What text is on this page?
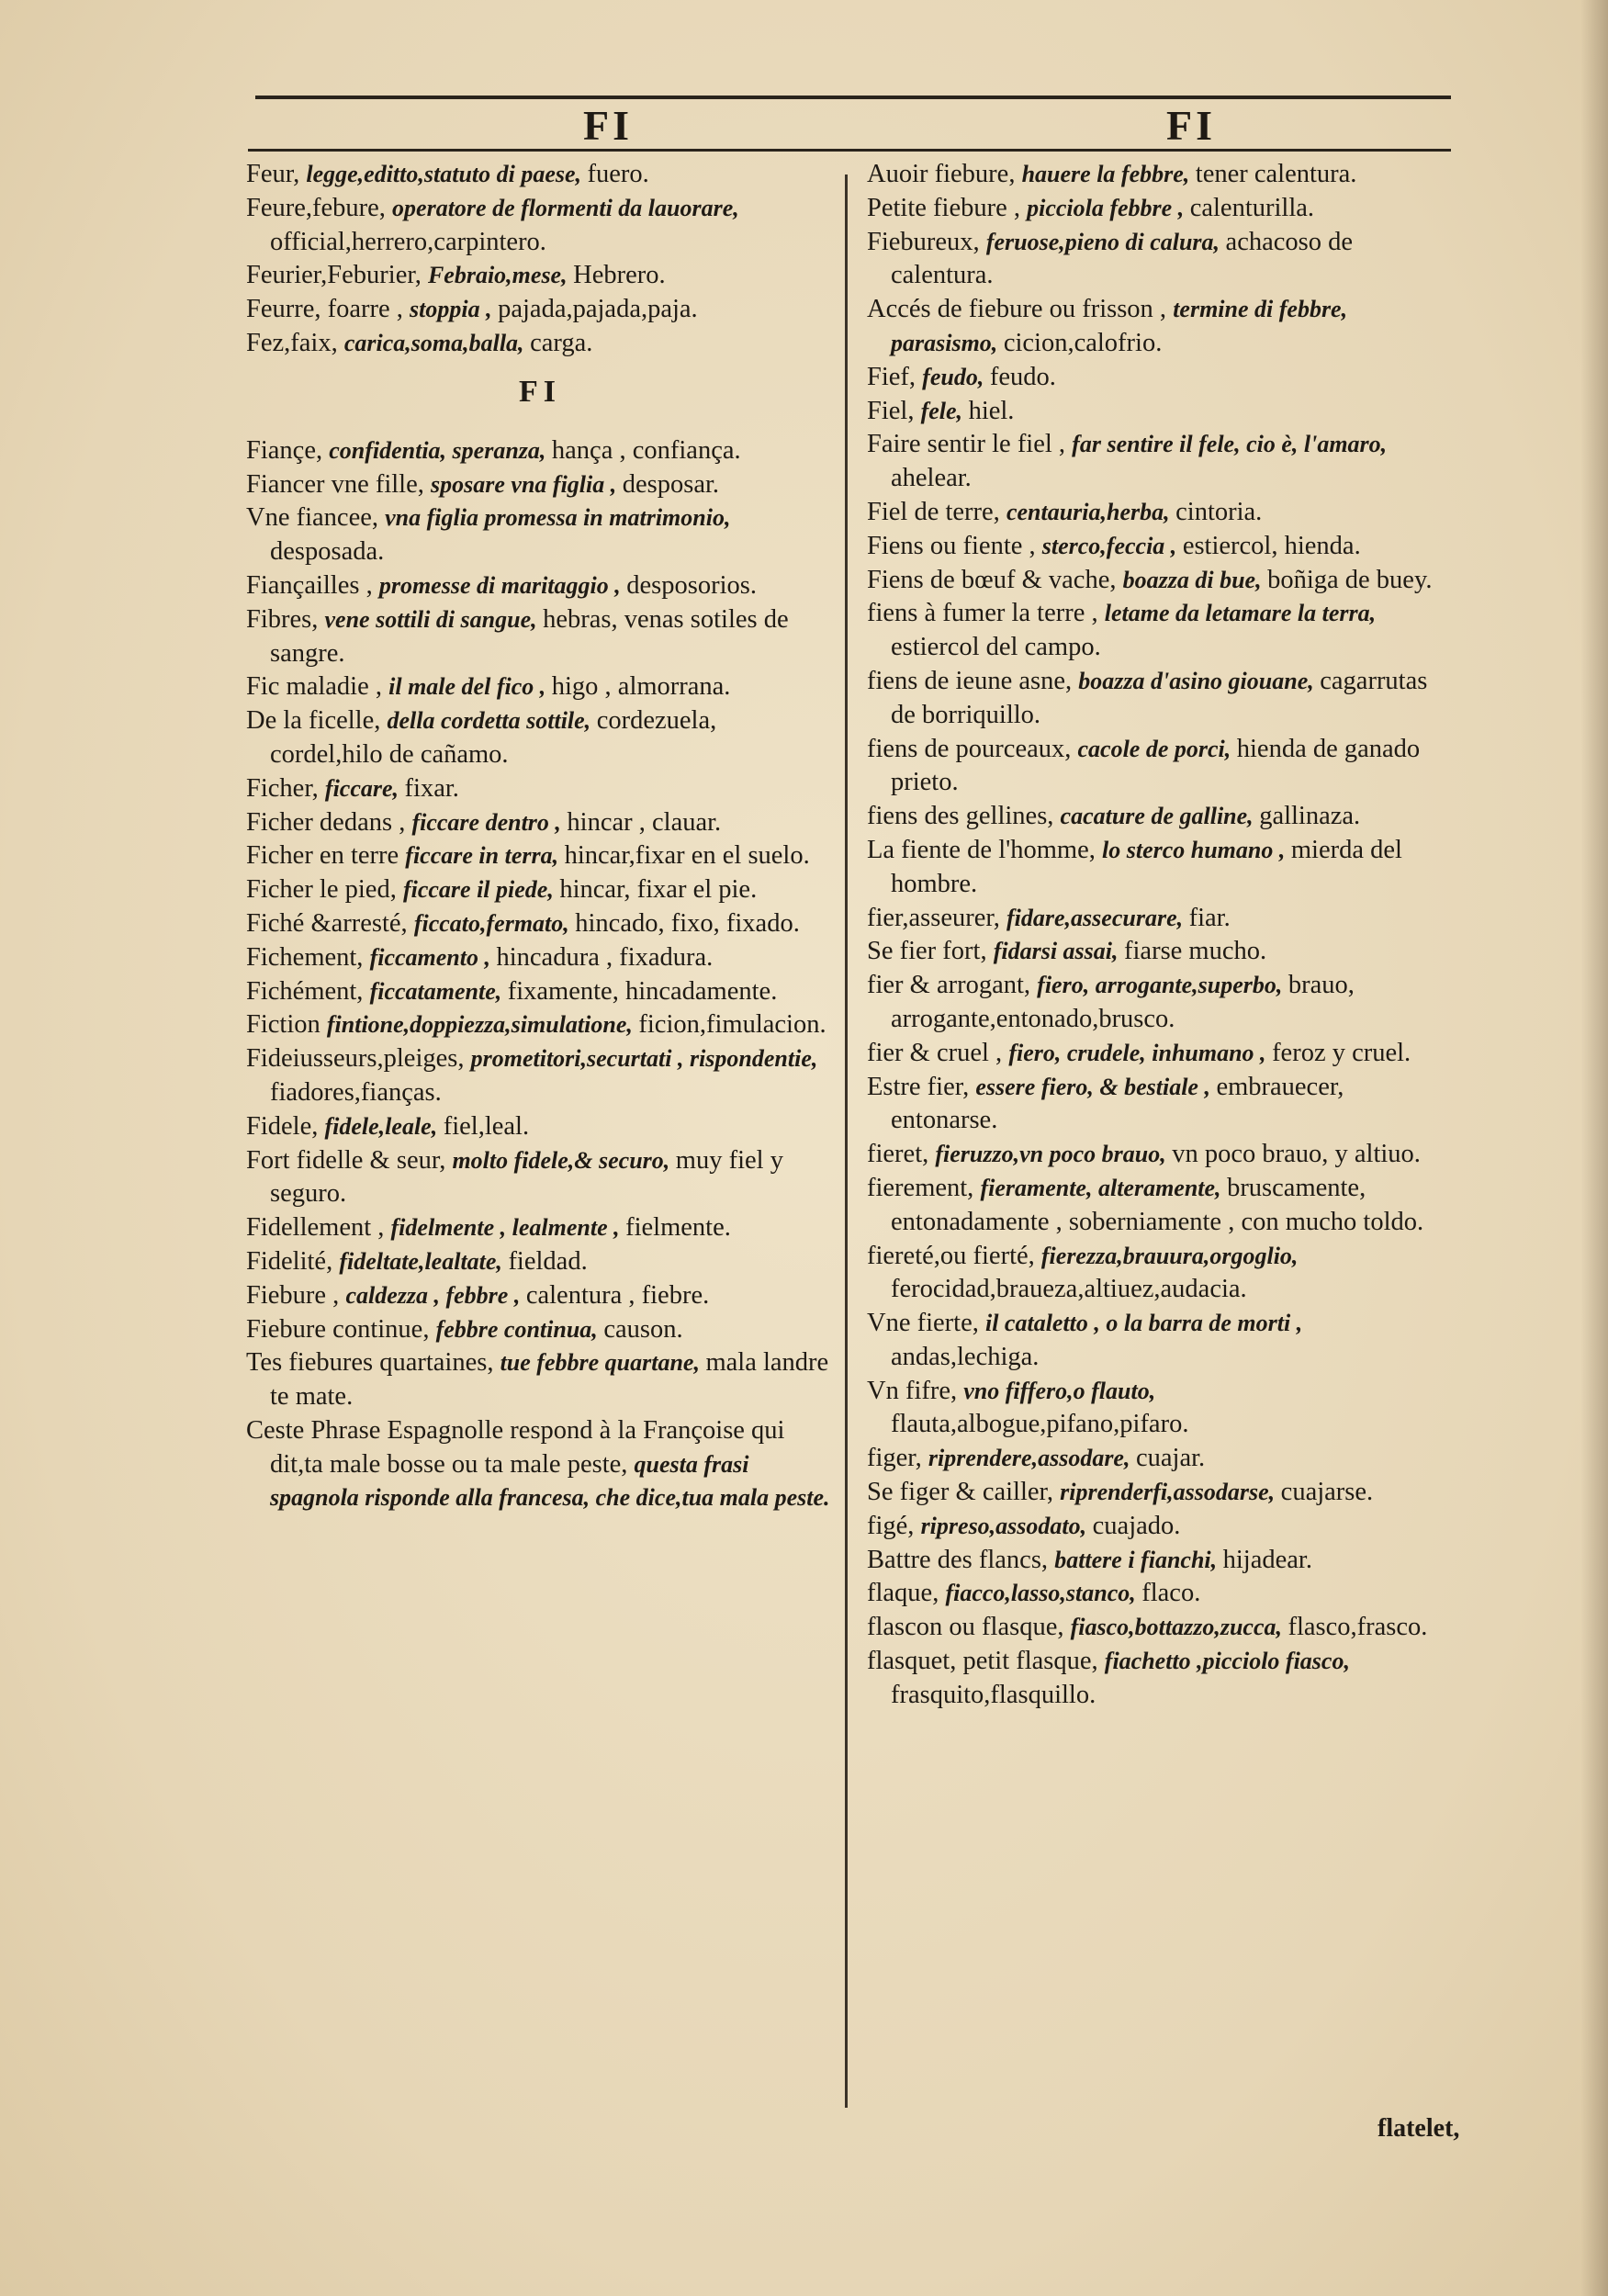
FI	FI

Feur, legge,editto,statuto di paese, fuero.

Feure,febure, operatore de flormenti da lauorare, official,herrero,carpintero.

Feurier,Feburier, Febraio,mese, Hebrero.

Feurre, foarre , stoppia , pajada,pajada,paja.

Fez,faix, carica,soma,balla, carga.

FI

Fiançe, confidentia, speranza, hança , confiança.

Fiancer vne fille, sposare vna figlia , desposar.

Vne fiancee, vna figlia promessa in matrimonio, desposada.

Fiançailles , promesse di maritaggio , desposorios.

Fibres, vene sottili di sangue, hebras, venas sotiles de sangre.

Fic maladie , il male del fico , higo , almorrana.

De la ficelle, della cordetta sottile, cordezuela, cordel,hilo de cañamo.

Ficher, ficcare, fixar.

Ficher dedans , ficcare dentro , hincar , clauar.

Ficher en terre ficcare in terra, hincar,fixar en el suelo.

Ficher le pied, ficcare il piede, hincar, fixar el pie.

Fiché &arresté, ficcato,fermato, hincado, fixo, fixado.

Fichement, ficcamento , hincadura , fixadura.

Fichément, ficcatamente, fixamente, hincadamente.

Fiction fintione,doppiezza,simulatione, ficion,fimulacion.

Fideiusseurs,pleiges, prometitori,securtati , rispondentie, fiadores,fianças.

Fidele, fidele,leale, fiel,leal.

Fort fidelle & seur, molto fidele,& securo, muy fiel y seguro.

Fidellement , fidelmente , lealmente , fielmente.

Fidelité, fideltate,lealtate, fieldad.

Fiebure , caldezza , febbre , calentura , fiebre.

Fiebure continue, febbre continua, causon.

Tes fiebures quartaines, tue febbre quartane, mala landre te mate.

Ceste Phrase Espagnolle respond à la Françoise qui dit,ta male bosse ou ta male peste, questa frasi spagnola risponde alla francesa, che dice,tua mala peste.

Auoir fiebure, hauere la febbre, tener calentura.

Petite fiebure , picciola febbre , calenturilla.

Fiebureux, feruose,pieno di calura, achacoso de calentura.

Accés de fiebure ou frisson , termine di febbre, parasismo, cicion,calofrio.

Fief, feudo, feudo.

Fiel, fele, hiel.

Faire sentir le fiel , far sentire il fele, cio è, l'amaro, ahelear.

Fiel de terre, centauria,herba, cintoria.

Fiens ou fiente , sterco,feccia , estiercol, hienda.

Fiens de bœuf & vache, boazza di bue, boñiga de buey.

fiens à fumer la terre , letame da letamare la terra, estiercol del campo.

fiens de ieune asne, boazza d'asino giouane, cagarrutas de borriquillo.

fiens de pourceaux, cacole de porci, hienda de ganado prieto.

fiens des gellines, cacature de galline, gallinaza.

La fiente de l'homme, lo sterco humano , mierda del hombre.

fier,asseurer, fidare,assecurare, fiar.

Se fier fort, fidarsi assai, fiarse mucho.

fier & arrogant, fiero, arrogante,superbo, brauo, arrogante,entonado,brusco.

fier & cruel , fiero, crudele, inhumano , feroz y cruel.

Estre fier, essere fiero, & bestiale , embrauecer, entonarse.

fieret, fieruzzo,vn poco brauo, vn poco brauo, y altiuo.

fierement, fieramente, alteramente, bruscamente, entonadamente , soberniamente , con mucho toldo.

fiereté,ou fierté, fierezza,brauura,orgoglio, ferocidad,braueza,altiuez,audacia.

Vne fierte, il cataletto , o la barra de morti , andas,lechiga.

Vn fifre, vno fiffero,o flauto, flauta,albogue,pifano,pifaro.

figer, riprendere,assodare, cuajar.

Se figer & cailler, riprenderfi,assodarse, cuajarse.

figé, ripreso,assodato, cuajado.

Battre des flancs, battere i fianchi, hijadear.

flaque, fiacco,lasso,stanco, flaco.

flascon ou flasque, fiasco,bottazzo,zucca, flasco,frasco.

flasquet, petit flasque, fiachetto ,picciolo fiasco, frasquito,flasquillo.

flatelet,
